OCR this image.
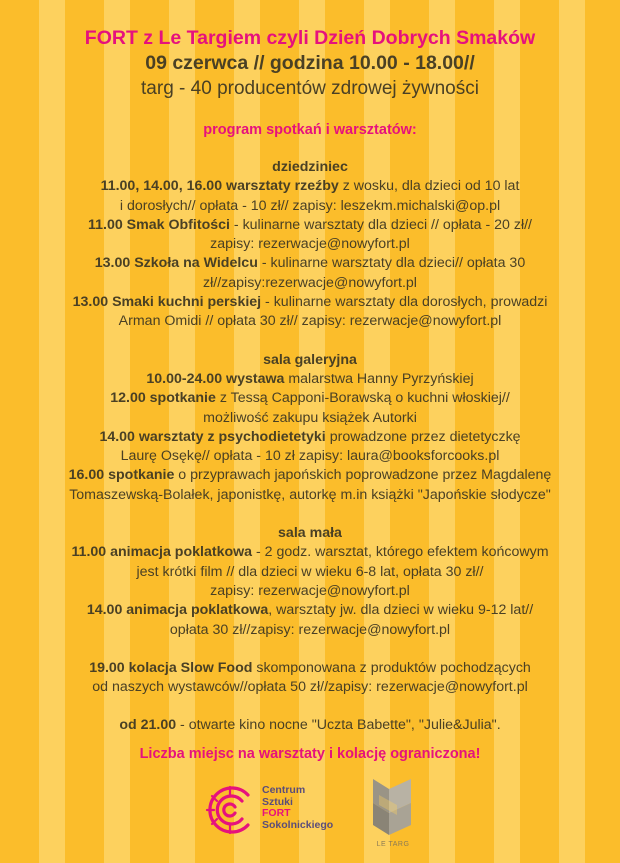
FORT z Le Targiem czyli Dzień Dobrych Smaków
09 czerwca // godzina 10.00 - 18.00//
targ - 40 producentów zdrowej żywności
program spotkań i warsztatów:
dziedziniec
11.00, 14.00, 16.00 warsztaty rzeźby z wosku, dla dzieci od 10 lat
i dorosłych// opłata - 10 zł// zapisy: leszekm.michalski@op.pl
11.00 Smak Obfitości - kulinarne warsztaty dla dzieci // opłata - 20 zł//
zapisy: rezerwacje@nowyfort.pl
13.00 Szkoła na Widelcu - kulinarne warsztaty dla dzieci// opłata 30
zł//zapisy:rezerwacje@nowyfort.pl
13.00 Smaki kuchni perskiej - kulinarne warsztaty dla dorosłych, prowadzi
Arman Omidi // opłata 30 zł// zapisy: rezerwacje@nowyfort.pl
sala galeryjna
10.00-24.00 wystawa malarstwa Hanny Pyrzyńskiej
12.00 spotkanie z Tessą Capponi-Borawską o kuchni włoskiej//
możliwość zakupu książek Autorki
14.00 warsztaty z psychodietetyki prowadzone przez dietetyczkę
Laurę Osękę// opłata - 10 zł zapisy: laura@booksforcooks.pl
16.00 spotkanie o przyprawach japońskich poprowadzone przez Magdalenę
Tomaszewską-Bolałek, japonistkę, autorkę m.in książki "Japońskie słodycze"
sala mała
11.00 animacja poklatkowa - 2 godz. warsztat, którego efektem końcowym
jest krótki film // dla dzieci w wieku 6-8 lat, opłata 30 zł//
zapisy: rezerwacje@nowyfort.pl
14.00 animacja poklatkowa, warsztaty jw. dla dzieci w wieku 9-12 lat//
opłata 30 zł//zapisy: rezerwacje@nowyfort.pl
19.00 kolacja Slow Food skomponowana z produktów pochodzących
od naszych wystawców//opłata 50 zł//zapisy: rezerwacje@nowyfort.pl
od 21.00 - otwarte kino nocne "Uczta Babette", "Julie&Julia".
Liczba miejsc na warsztaty i kolację ograniczona!
Centrum
Sztuki
FORT
Sokolnickiego
LE TARG
